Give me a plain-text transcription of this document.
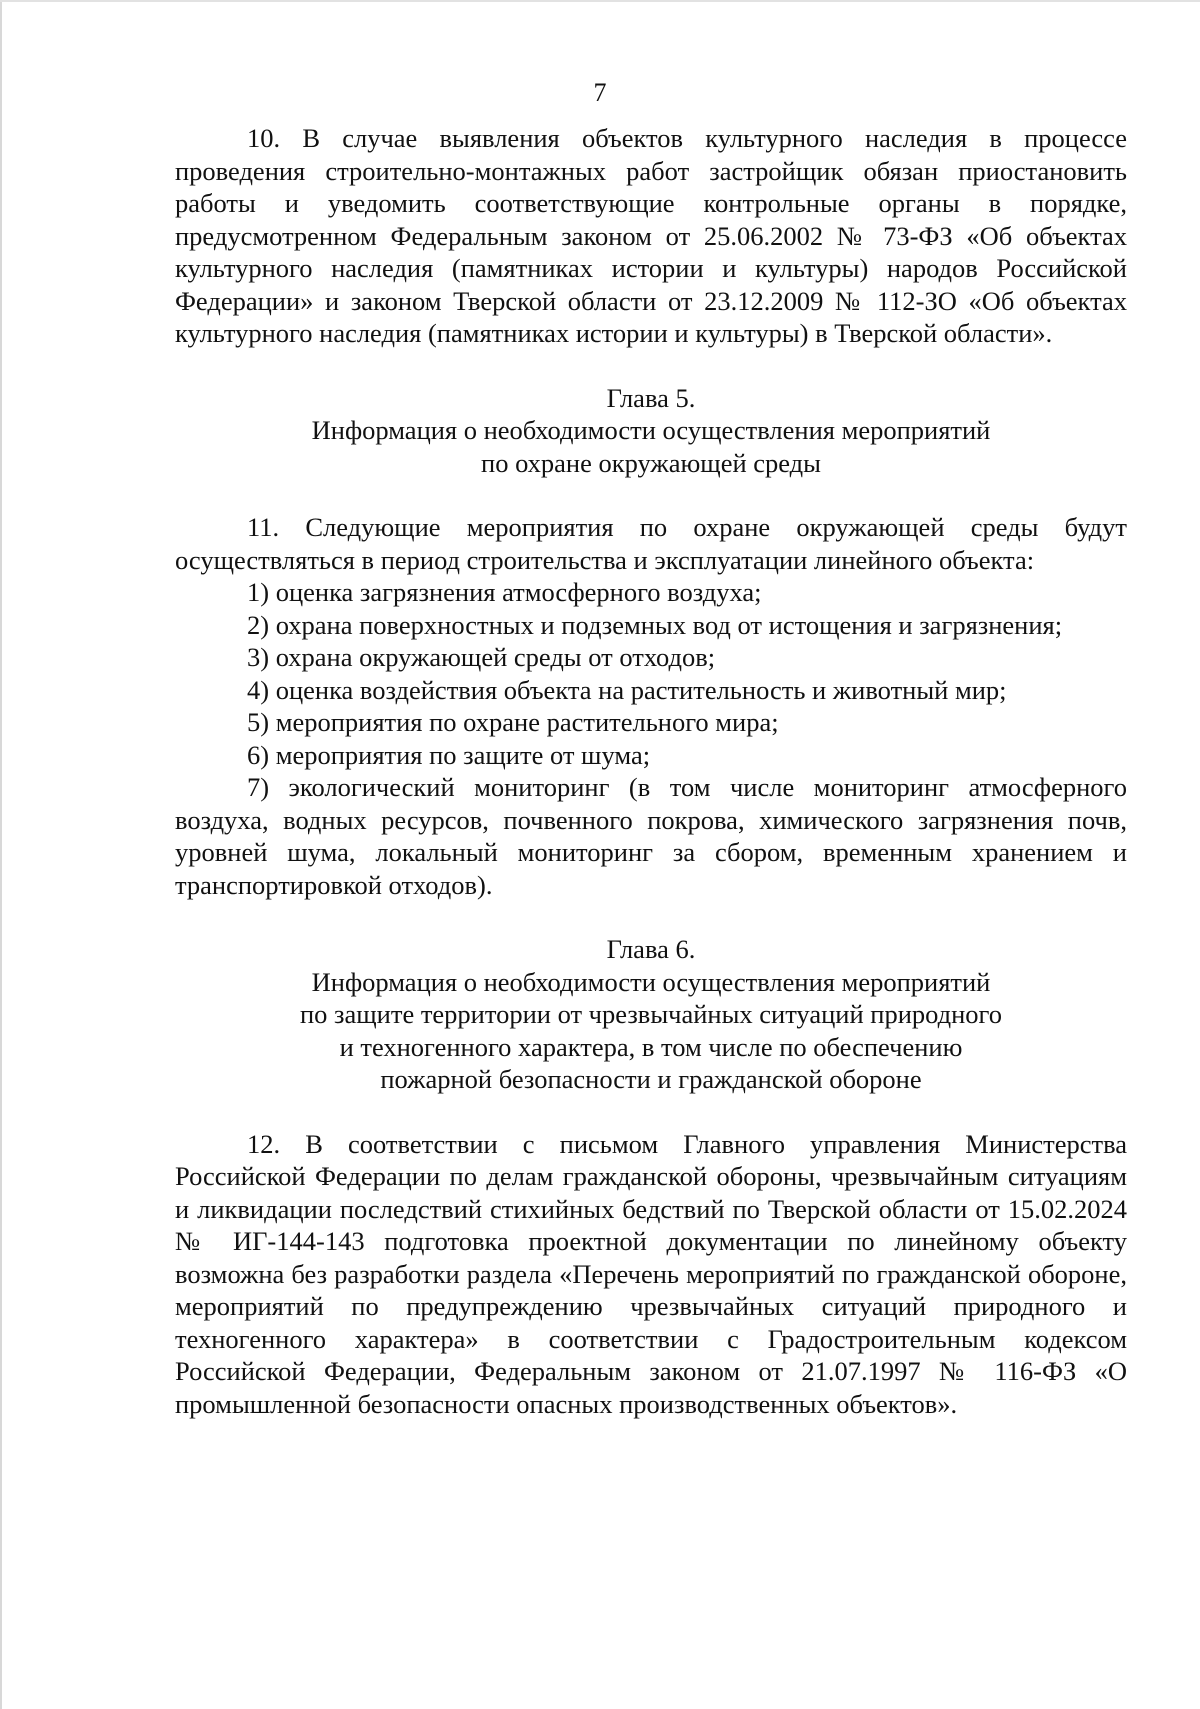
7

10. В случае выявления объектов культурного наследия в процессе проведения строительно-монтажных работ застройщик обязан приостановить работы и уведомить соответствующие контрольные органы в порядке, предусмотренном Федеральным законом от 25.06.2002 № 73-ФЗ «Об объектах культурного наследия (памятниках истории и культуры) народов Российской Федерации» и законом Тверской области от 23.12.2009 № 112-ЗО «Об объектах культурного наследия (памятниках истории и культуры) в Тверской области».

Глава 5.

Информация о необходимости осуществления мероприятий

по охране окружающей среды

11. Следующие мероприятия по охране окружающей среды будут осуществляться в период строительства и эксплуатации линейного объекта:

1) оценка загрязнения атмосферного воздуха;

2) охрана поверхностных и подземных вод от истощения и загрязнения;

3) охрана окружающей среды от отходов;

4) оценка воздействия объекта на растительность и животный мир;

5) мероприятия по охране растительного мира;

6) мероприятия по защите от шума;

7) экологический мониторинг (в том числе мониторинг атмосферного воздуха, водных ресурсов, почвенного покрова, химического загрязнения почв, уровней шума, локальный мониторинг за сбором, временным хранением и транспортировкой отходов).

Глава 6.

Информация о необходимости осуществления мероприятий

по защите территории от чрезвычайных ситуаций природного

и техногенного характера, в том числе по обеспечению

пожарной безопасности и гражданской обороне

12. В соответствии с письмом Главного управления Министерства Российской Федерации по делам гражданской обороны, чрезвычайным ситуациям и ликвидации последствий стихийных бедствий по Тверской области от 15.02.2024 № ИГ-144-143 подготовка проектной документации по линейному объекту возможна без разработки раздела «Перечень мероприятий по гражданской обороне, мероприятий по предупреждению чрезвычайных ситуаций природного и техногенного характера» в соответствии с Градостроительным кодексом Российской Федерации, Федеральным законом от 21.07.1997 № 116-ФЗ «О промышленной безопасности опасных производственных объектов».
